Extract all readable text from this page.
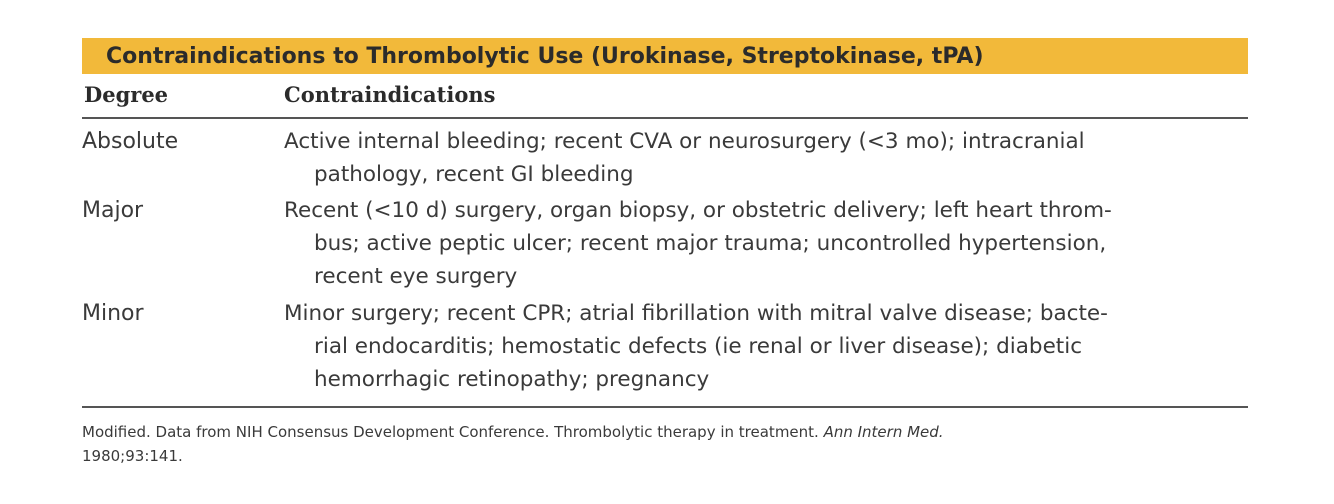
Contraindications to Thrombolytic Use (Urokinase, Streptokinase, tPA)
Degree	Contraindications
Absolute	Active internal bleeding; recent CVA or neurosurgery (<3 mo); intracranial
pathology, recent GI bleeding
Major	Recent (<10 d) surgery, organ biopsy, or obstetric delivery; left heart throm-
bus; active peptic ulcer; recent major trauma; uncontrolled hypertension,
recent eye surgery
Minor	Minor surgery; recent CPR; atrial fibrillation with mitral valve disease; bacte-
rial endocarditis; hemostatic defects (ie renal or liver disease); diabetic
hemorrhagic retinopathy; pregnancy
Modified. Data from NIH Consensus Development Conference. Thrombolytic therapy in treatment. Ann Intern Med.
1980;93:141.
